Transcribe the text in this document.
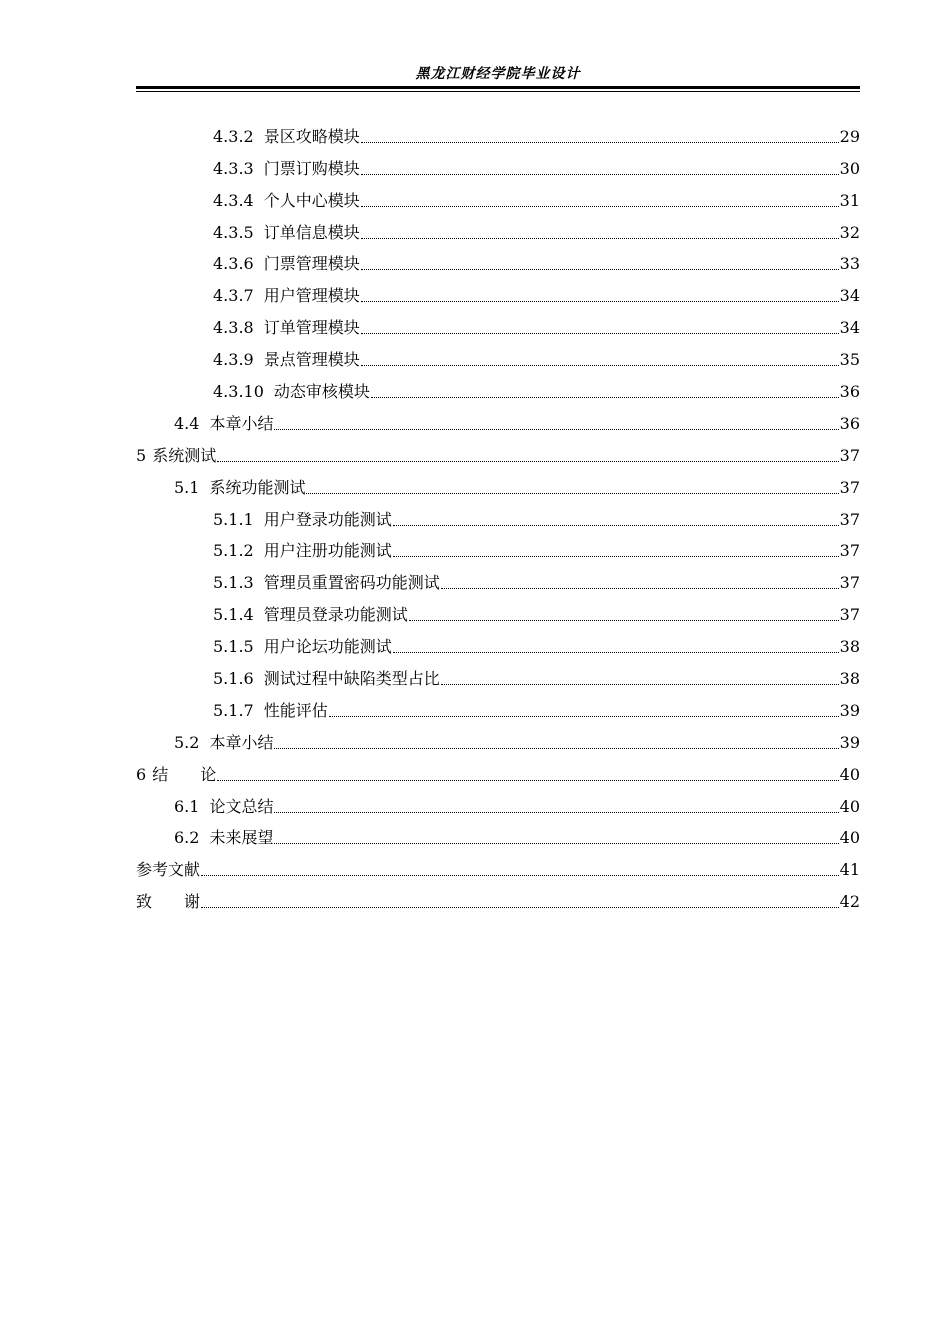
黑龙江财经学院毕业设计
4.3.2 景区攻略模块	29
4.3.3 门票订购模块	30
4.3.4 个人中心模块	31
4.3.5 订单信息模块	32
4.3.6 门票管理模块	33
4.3.7 用户管理模块	34
4.3.8 订单管理模块	34
4.3.9 景点管理模块	35
4.3.10 动态审核模块	36
4.4 本章小结	36
5 系统测试	37
5.1 系统功能测试	37
5.1.1 用户登录功能测试	37
5.1.2 用户注册功能测试	37
5.1.3 管理员重置密码功能测试	37
5.1.4 管理员登录功能测试	37
5.1.5 用户论坛功能测试	38
5.1.6 测试过程中缺陷类型占比	38
5.1.7 性能评估	39
5.2 本章小结	39
6 结　　论	40
6.1 论文总结	40
6.2 未来展望	40
参考文献	41
致　　谢	42
